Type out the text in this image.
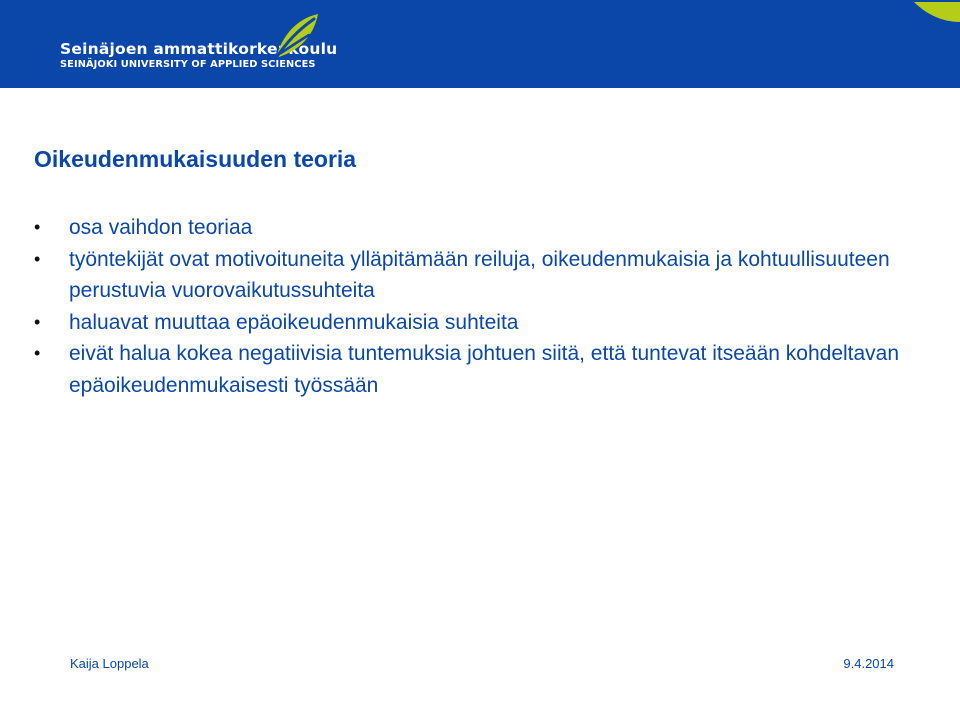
Seinäjoen ammattikorkeakoulu
SEINÄJOKI UNIVERSITY OF APPLIED SCIENCES
Oikeudenmukaisuuden teoria
• osa vaihdon teoriaa
• työntekijät ovat motivoituneita ylläpitämään reiluja, oikeudenmukaisia ja kohtuullisuuteen perustuvia vuorovaikutussuhteita
• haluavat muuttaa epäoikeudenmukaisia suhteita
• eivät halua kokea negatiivisia tuntemuksia johtuen siitä, että tuntevat itseään kohdeltavan epäoikeudenmukaisesti työssään
Kaija Loppela	9.4.2014
